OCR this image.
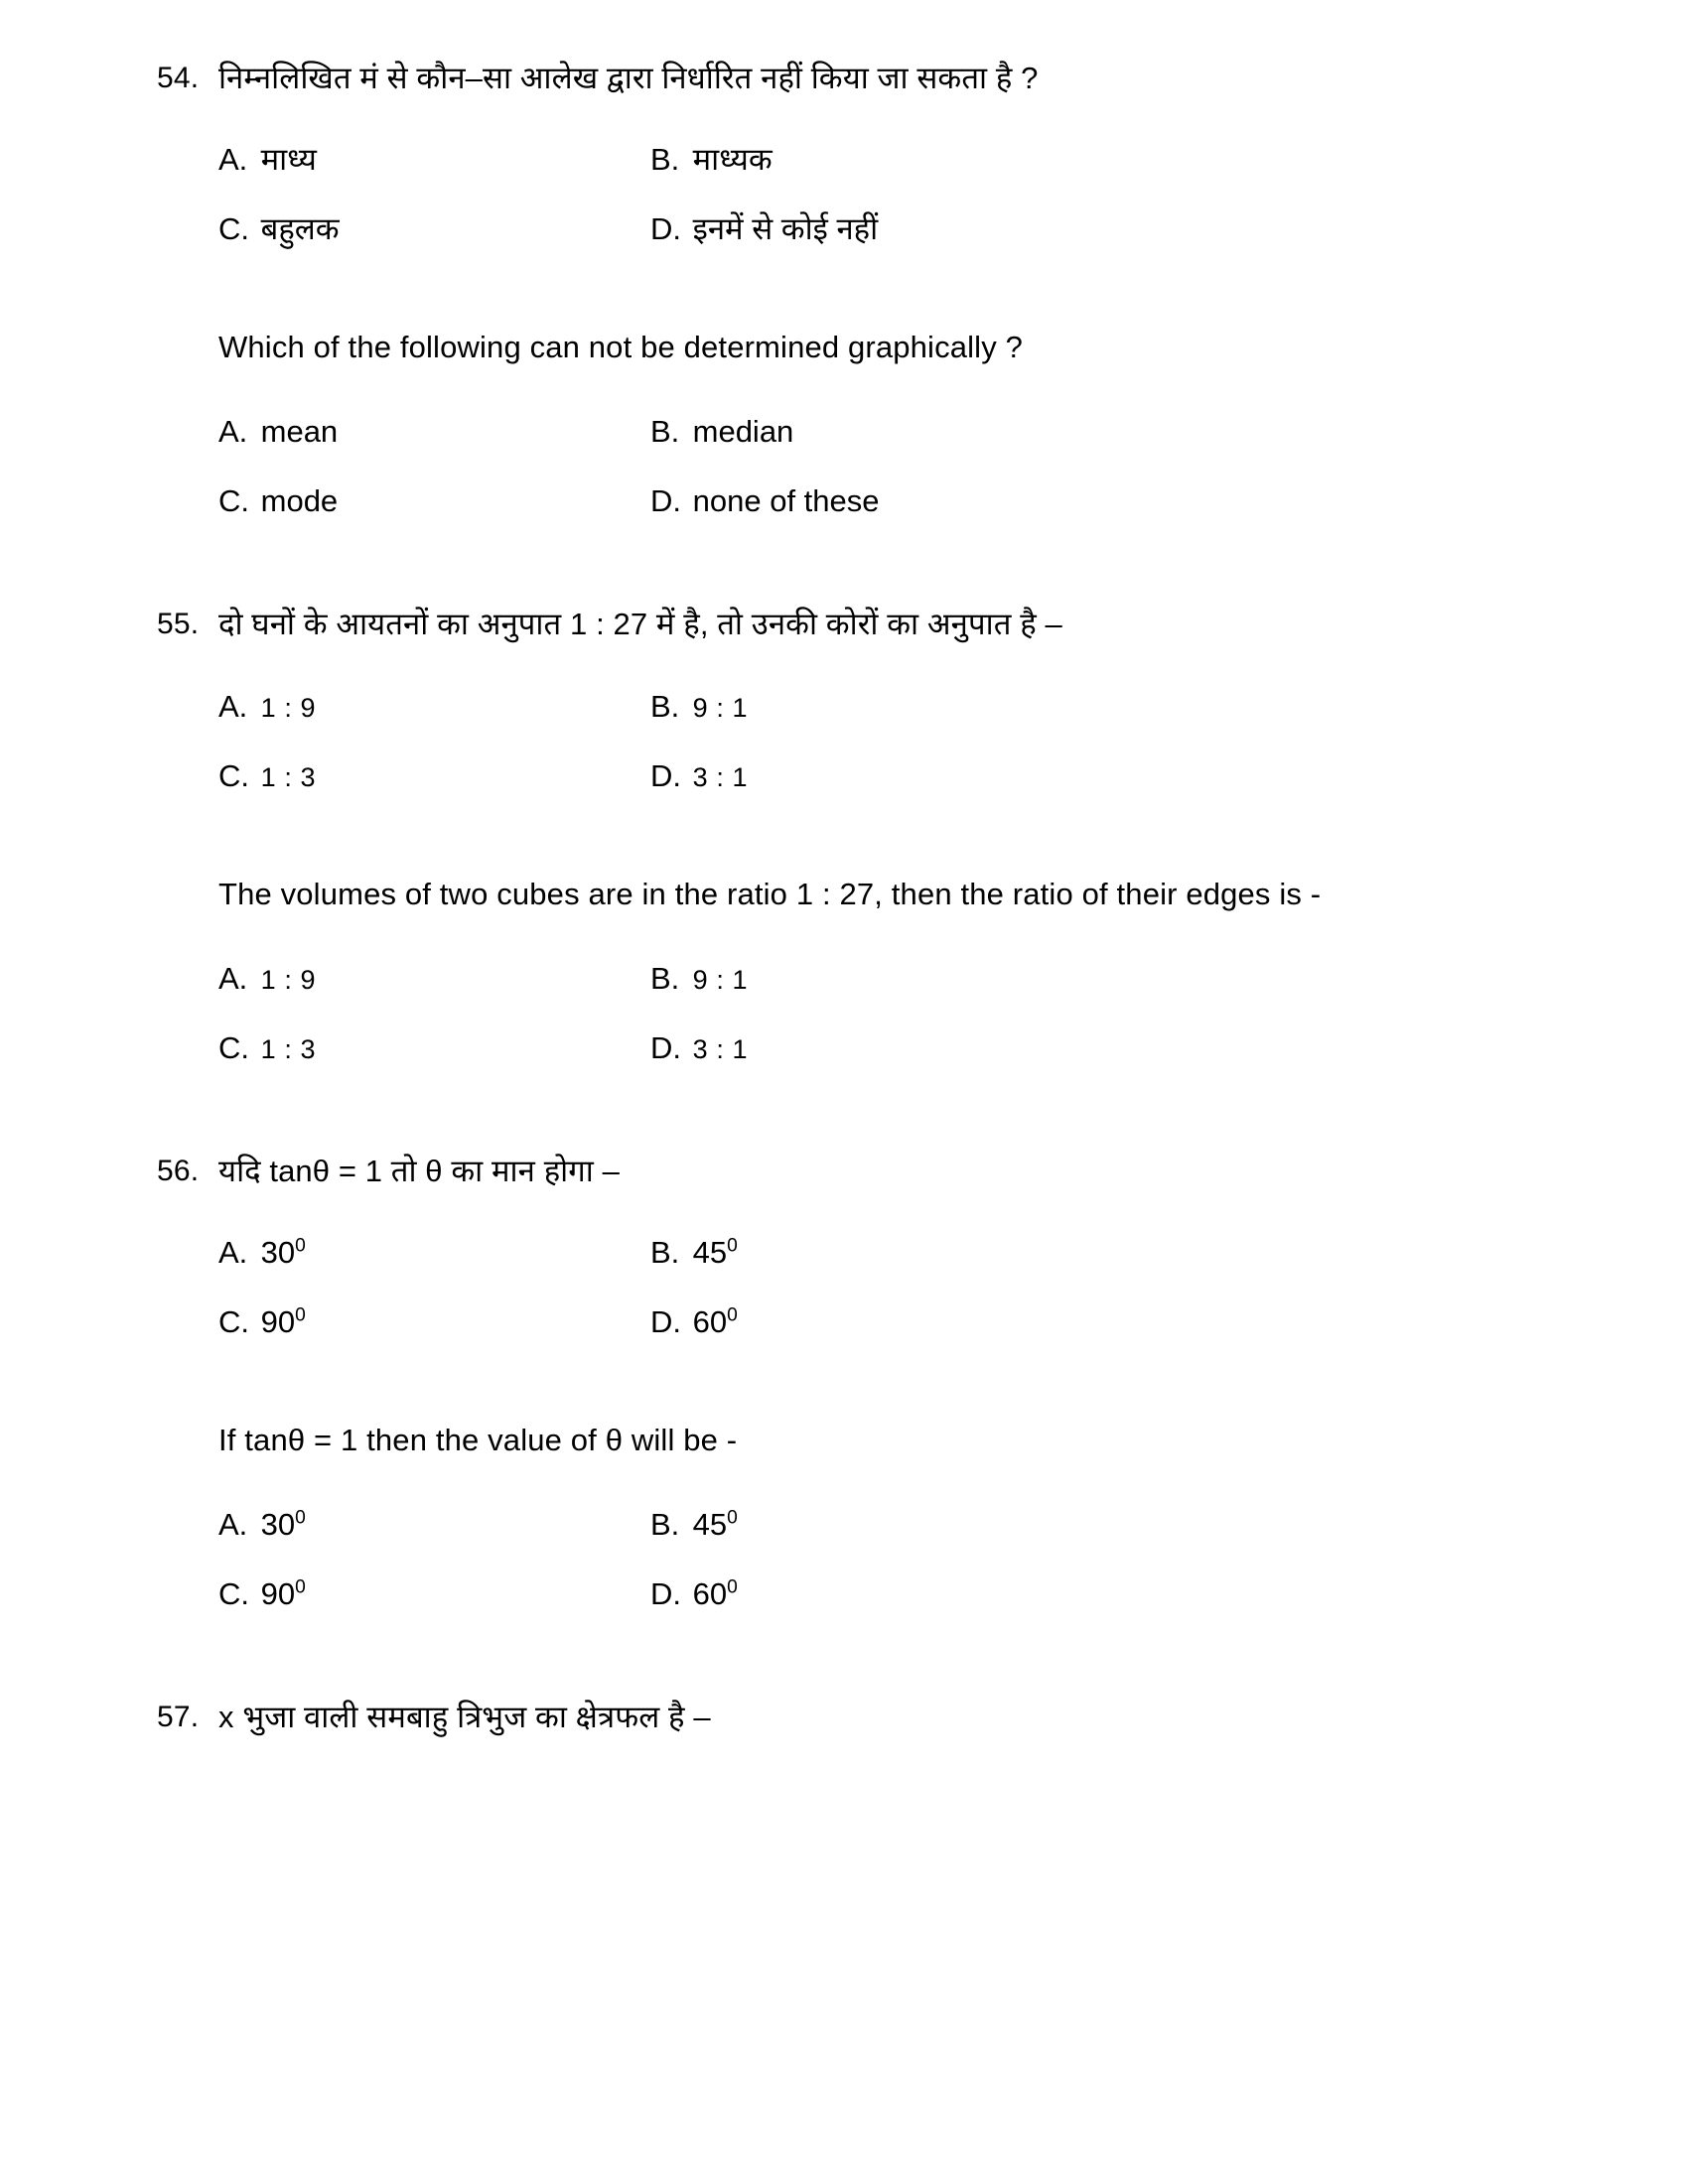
54. निम्नलिखित मं से कौन–सा आलेख द्वारा निर्धारित नहीं किया जा सकता है ?
A. माध्य	B. माध्यक
C. बहुलक	D. इनमें से कोई नहीं
Which of the following can not be determined graphically ?
A. mean	B. median
C. mode	D. none of these
55. दो घनों के आयतनों का अनुपात 1 : 27 में है, तो उनकी कोरों का अनुपात है –
A. 1 : 9	B. 9 : 1
C. 1 : 3	D. 3 : 1
The volumes of two cubes are in the ratio 1 : 27, then the ratio of their edges is -
A. 1 : 9	B. 9 : 1
C. 1 : 3	D. 3 : 1
56. यदि tanθ = 1 तो θ का मान होगा –
A. $30^0$	B. $45^0$
C. $90^0$	D. $60^0$
If tanθ = 1 then the value of θ will be -
A. $30^0$	B. $45^0$
C. $90^0$	D. $60^0$
57. x भुजा वाली समबाहु त्रिभुज का क्षेत्रफल है –
